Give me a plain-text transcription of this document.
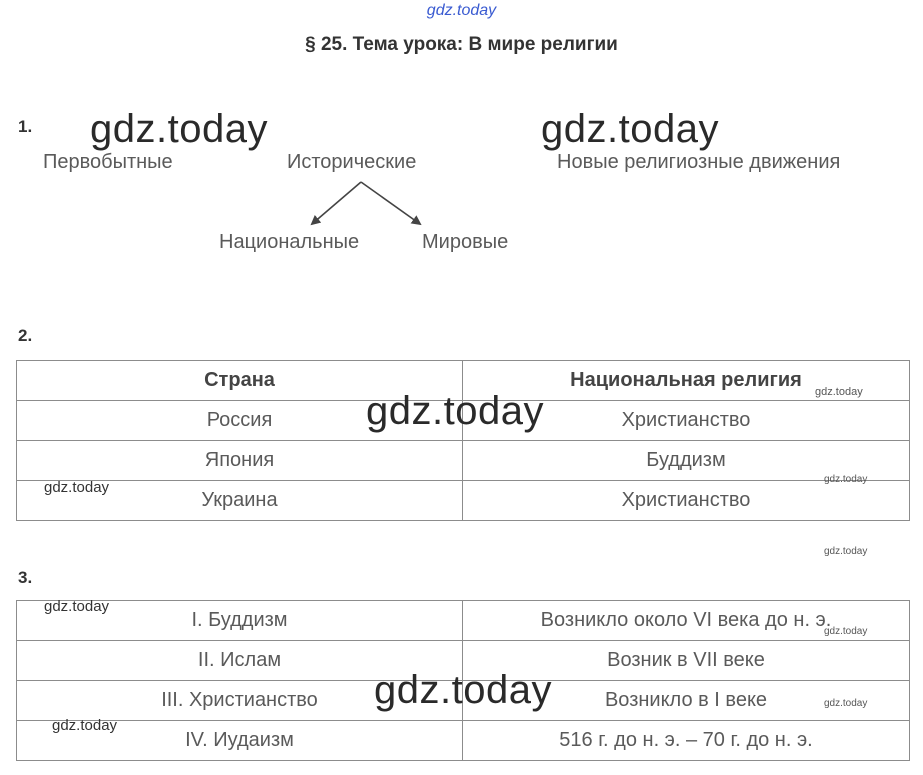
gdz.today
§ 25. Тема урока: В мире религии
1. gdz.today	gdz.today
Первобытные	Исторические	Новые религиозные движения
Национальные	Мировые
2.
Страна	Национальная религия
Россия	Христианство
Япония	Буддизм
Украина	Христианство
gdz.today	gdz.today
gdz.today	gdz.today
gdz.today
3.
I. Буддизм	Возникло около VI века до н. э.
II. Ислам	Возник в VII веке
III. Христианство	Возникло в I веке
IV. Иудаизм	516 г. до н. э. – 70 г. до н. э.
gdz.today
gdz.today
gdz.today	gdz.today
gdz.today
